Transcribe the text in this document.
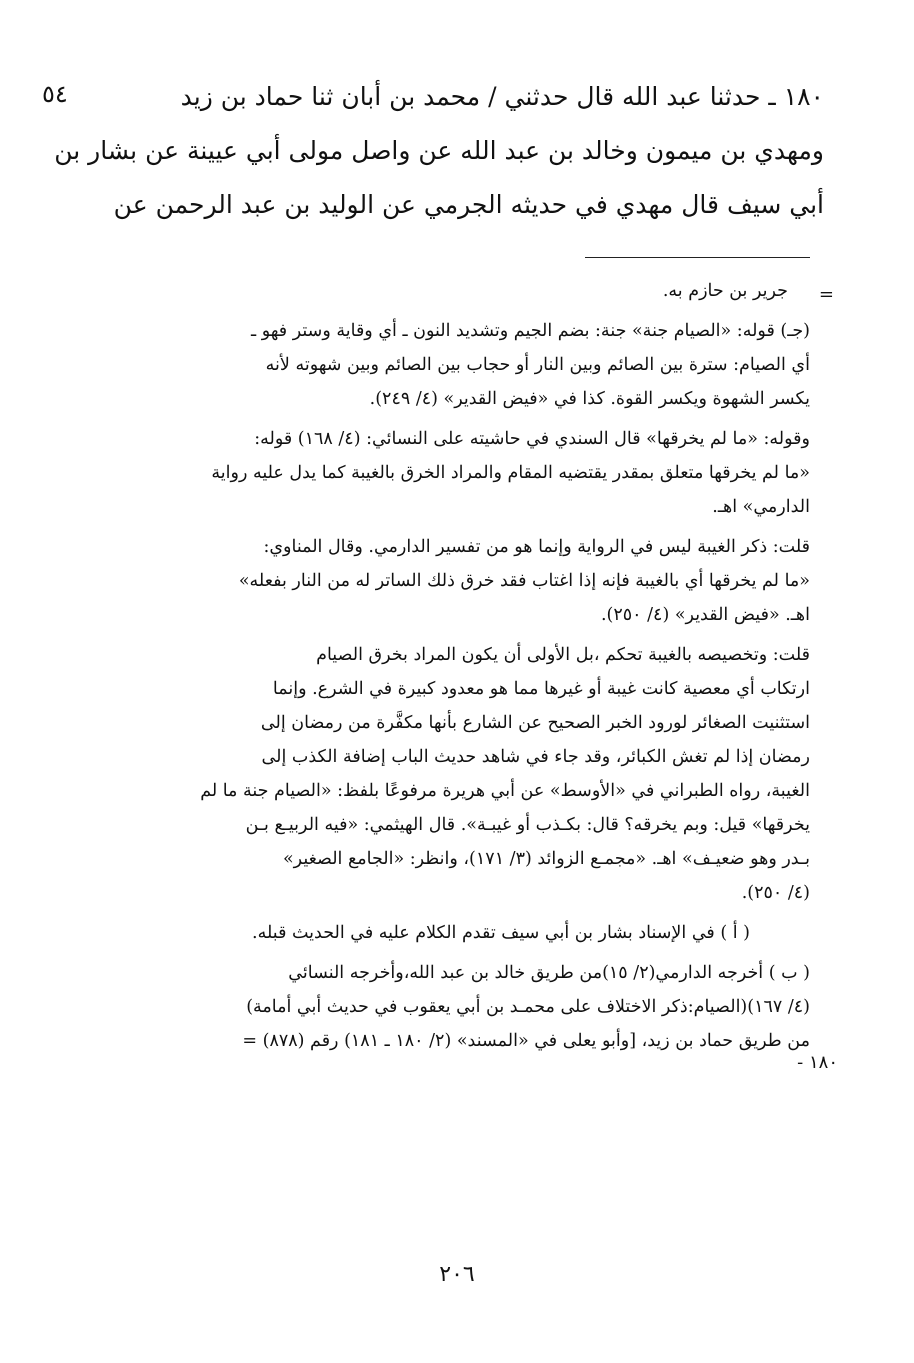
٥٤	١٨٠ ـ حدثنا عبد الله قال حدثني / محمد بن أبان ثنا حماد بن زيد
ومهدي بن ميمون وخالد بن عبد الله عن واصل مولى أبي عيينة عن بشار بن
أبي سيف قال مهدي في حديثه الجرمي عن الوليد بن عبد الرحمن عن
=
١٨٠ -

جرير بن حازم به.

(جـ) قوله: «الصيام جنة» جنة: بضم الجيم وتشديد النون ـ أي وقاية وستر فهو ـ
أي الصيام: سترة بين الصائم وبين النار أو حجاب بين الصائم وبين شهوته لأنه
يكسر الشهوة ويكسر القوة. كذا في «فيض القدير» (٤/ ٢٤٩).

وقوله: «ما لم يخرقها» قال السندي في حاشيته على النسائي: (٤/ ١٦٨) قوله:
«ما لم يخرقها متعلق بمقدر يقتضيه المقام والمراد الخرق بالغيبة كما يدل عليه رواية
الدارمي» اهـ.

قلت: ذكر الغيبة ليس في الرواية وإنما هو من تفسير الدارمي. وقال المناوي:
«ما لم يخرقها أي بالغيبة فإنه إذا اغتاب فقد خرق ذلك الساتر له من النار بفعله»
اهـ. «فيض القدير» (٤/ ٢٥٠).

قلت: وتخصيصه بالغيبة تحكم ،بل الأولى أن يكون المراد بخرق الصيام
ارتكاب أي معصية كانت غيبة أو غيرها مما هو معدود كبيرة في الشرع. وإنما
استثنيت الصغائر لورود الخبر الصحيح عن الشارع بأنها مكفَّرة من رمضان إلى
رمضان إذا لم تغش الكبائر، وقد جاء في شاهد حديث الباب إضافة الكذب إلى
الغيبة، رواه الطبراني في «الأوسط» عن أبي هريرة مرفوعًا بلفظ: «الصيام جنة ما لم
يخرقها» قيل: وبم يخرقه؟ قال: بكـذب أو غيبـة». قال الهيثمي: «فيه الربيـع بـن
بـدر وهو ضعيـف» اهـ. «مجمـع الزوائد (٣/ ١٧١)، وانظر: «الجامع الصغير»
(٤/ ٢٥٠).

( أ ) في الإسناد بشار بن أبي سيف تقدم الكلام عليه في الحديث قبله.

( ب ) أخرجه الدارمي(٢/ ١٥)من طريق خالد بن عبد الله،وأخرجه النسائي
(٤/ ١٦٧)(الصيام:ذكر الاختلاف على محمـد بن أبي يعقوب في حديث أبي أمامة)
من طريق حماد بن زيد، [وأبو يعلى في «المسند» (٢/ ١٨٠ ـ ١٨١) رقم (٨٧٨) =

٢٠٦
